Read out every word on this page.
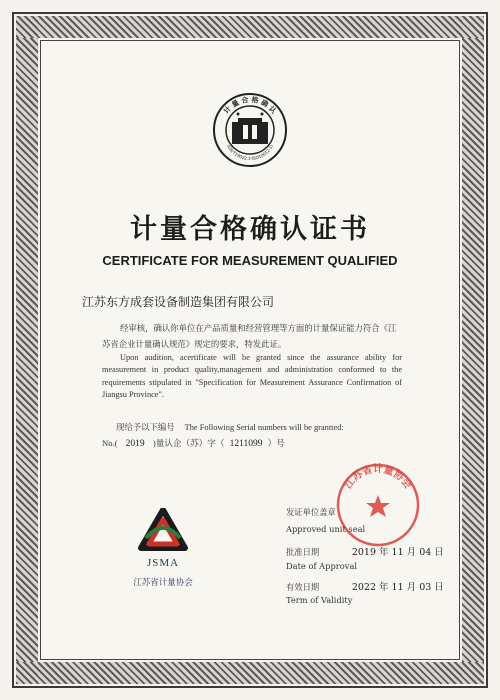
计 量 合 格 确 认
(GB/T19022.1-ISO10012-1)
计量合格确认证书
CERTIFICATE FOR MEASUREMENT QUALIFIED
江苏东方成套设备制造集团有限公司
经审核，确认你单位在产品质量和经营管理等方面的计量保证能力符合《江苏省企业计量确认规范》规定的要求，特发此证。
Upon audition, acertificate will be granted since the assurance ability for measurement in product quality,management and administration conformed to the requirements stipulated in "Specification for Measurement Assurance Confirmation of Jiangsu Province".
现给予以下编号 The Following Serial numbers will be grantted:
No.( 2019 )量认企（苏）字（ 1211099 ）号
JSMA
江苏省计量协会
江苏省计量协会
发证单位盖章
Approved unit seal
批准日期	2019 年 11 月 04 日
Date of Approval
有效日期	2022 年 11 月 03 日
Term of Validity
